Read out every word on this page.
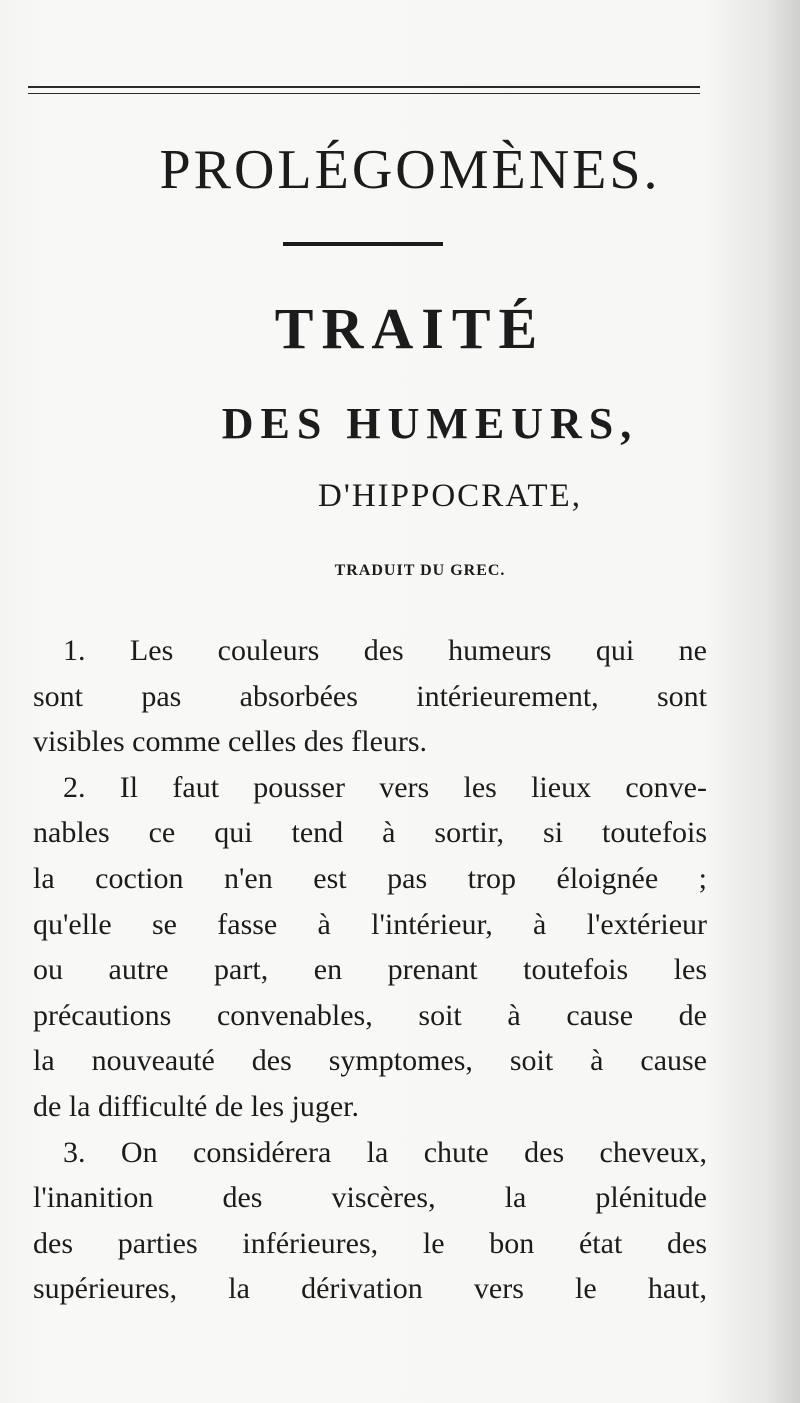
PROLÉGOMÈNES.
TRAITÉ
DES HUMEURS,
D'HIPPOCRATE,
TRADUIT DU GREC.
1. Les couleurs des humeurs qui ne
sont pas absorbées intérieurement, sont
visibles comme celles des fleurs.
2. Il faut pousser vers les lieux conve-
nables ce qui tend à sortir, si toutefois
la coction n'en est pas trop éloignée ;
qu'elle se fasse à l'intérieur, à l'extérieur
ou autre part, en prenant toutefois les
précautions convenables, soit à cause de
la nouveauté des symptomes, soit à cause
de la difficulté de les juger.
3. On considérera la chute des cheveux,
l'inanition des viscères, la plénitude
des parties inférieures, le bon état des
supérieures, la dérivation vers le haut,
